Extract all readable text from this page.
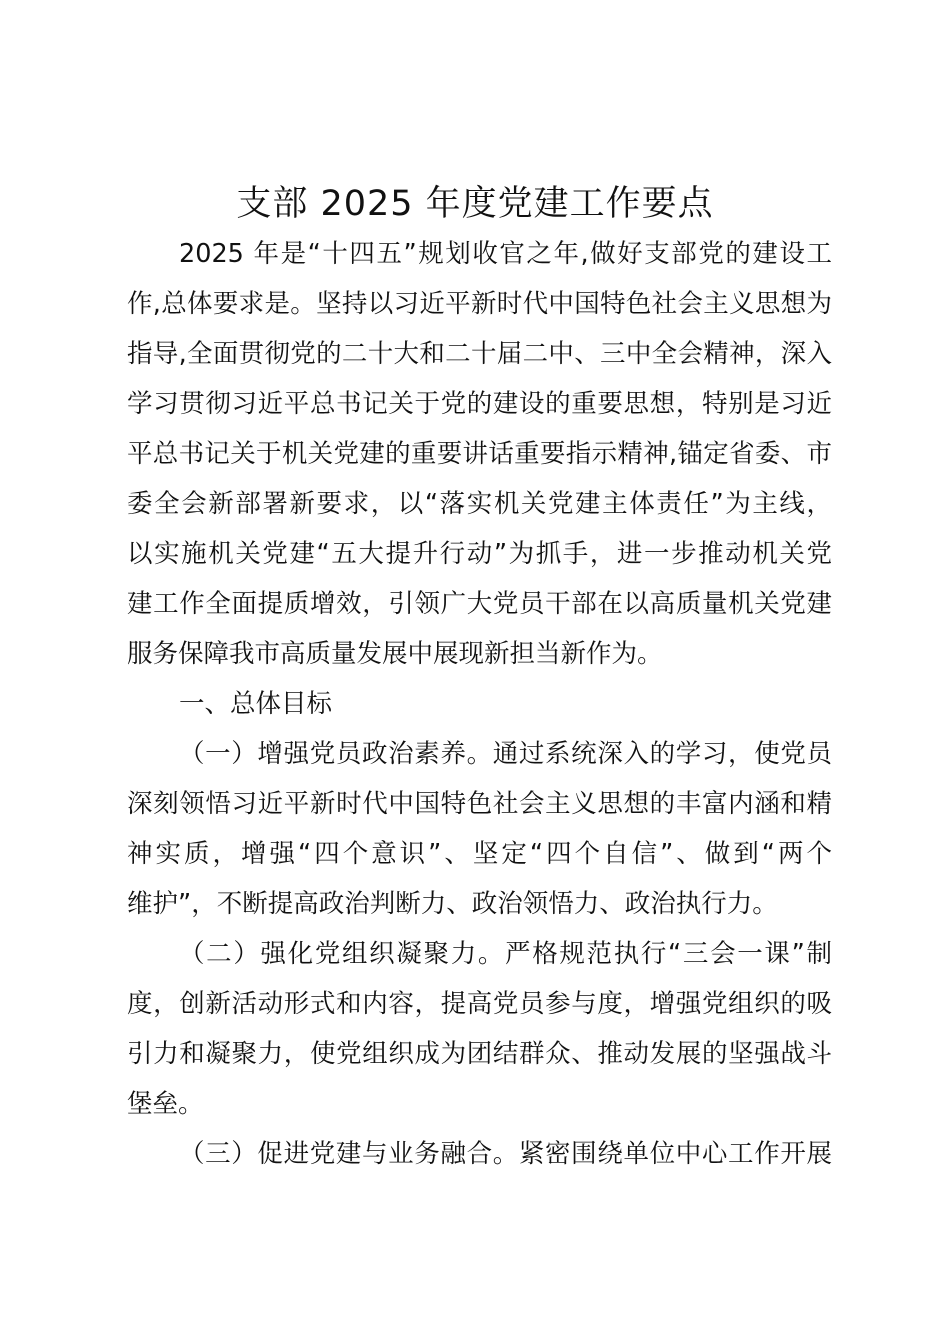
支部 2025 年度党建工作要点
2025 年是“十四五”规划收官之年,做好支部党的建设工
作,总体要求是。坚持以习近平新时代中国特色社会主义思想为
指导,全面贯彻党的二十大和二十届二中、三中全会精神，深入
学习贯彻习近平总书记关于党的建设的重要思想，特别是习近
平总书记关于机关党建的重要讲话重要指示精神,锚定省委、市
委全会新部署新要求，以“落实机关党建主体责任”为主线，
以实施机关党建“五大提升行动”为抓手，进一步推动机关党
建工作全面提质增效，引领广大党员干部在以高质量机关党建
服务保障我市高质量发展中展现新担当新作为。
一、总体目标
（一）增强党员政治素养。通过系统深入的学习，使党员
深刻领悟习近平新时代中国特色社会主义思想的丰富内涵和精
神实质，增强“四个意识”、坚定“四个自信”、做到“两个
维护”，不断提高政治判断力、政治领悟力、政治执行力。
（二）强化党组织凝聚力。严格规范执行“三会一课”制
度，创新活动形式和内容，提高党员参与度，增强党组织的吸
引力和凝聚力，使党组织成为团结群众、推动发展的坚强战斗
堡垒。
（三）促进党建与业务融合。紧密围绕单位中心工作开展
